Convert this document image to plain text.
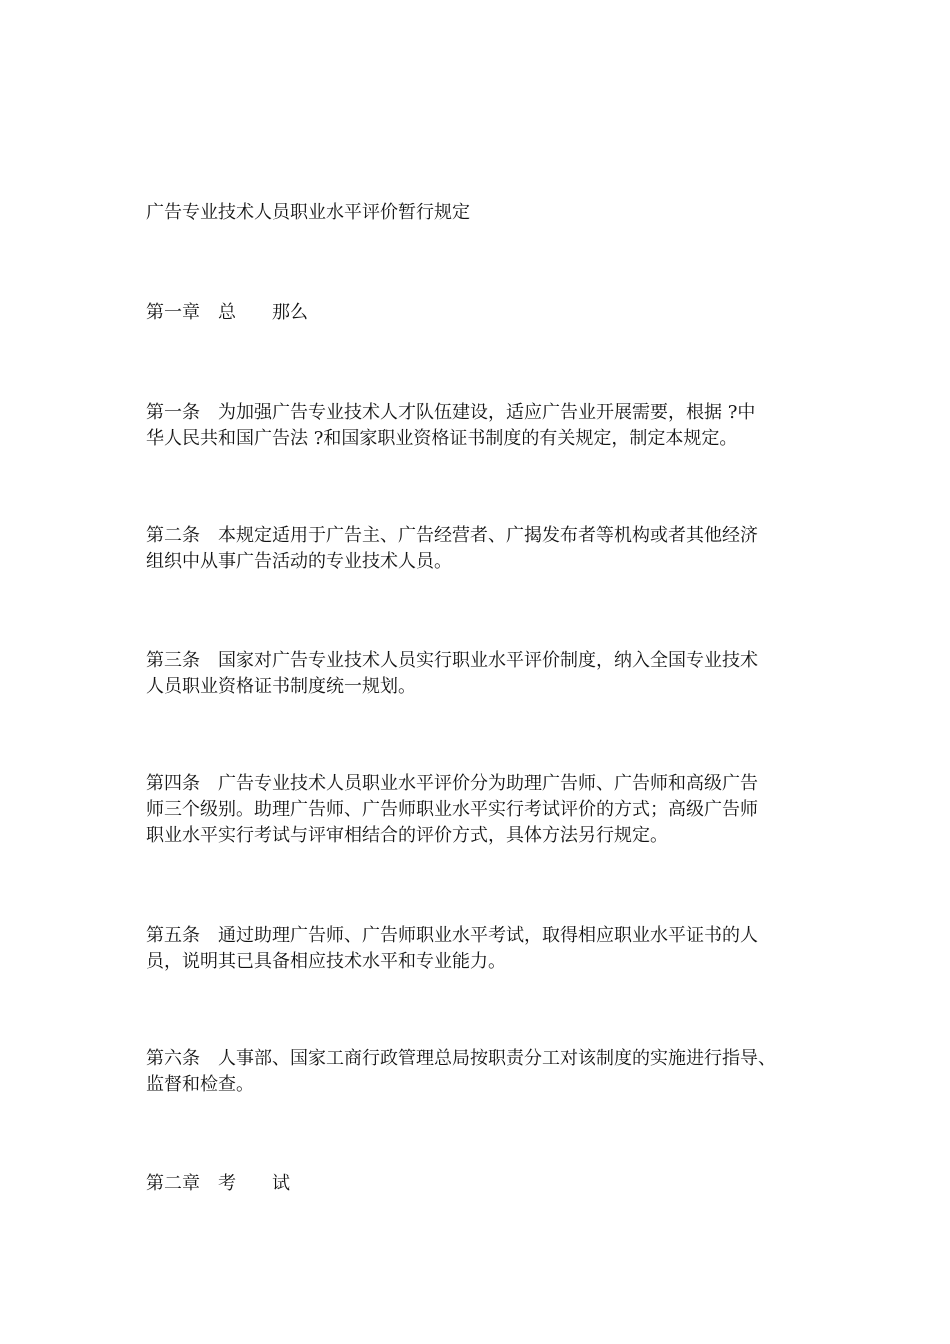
广告专业技术人员职业水平评价暂行规定
第一章　总　　那么
第一条　为加强广告专业技术人才队伍建设，适应广告业开展需要，根据 ?中
华人民共和国广告法 ?和国家职业资格证书制度的有关规定，制定本规定。
第二条　本规定适用于广告主、广告经营者、广揭发布者等机构或者其他经济
组织中从事广告活动的专业技术人员。
第三条　国家对广告专业技术人员实行职业水平评价制度，纳入全国专业技术
人员职业资格证书制度统一规划。
第四条　广告专业技术人员职业水平评价分为助理广告师、广告师和高级广告
师三个级别。助理广告师、广告师职业水平实行考试评价的方式；高级广告师
职业水平实行考试与评审相结合的评价方式，具体方法另行规定。
第五条　通过助理广告师、广告师职业水平考试，取得相应职业水平证书的人
员，说明其已具备相应技术水平和专业能力。
第六条　人事部、国家工商行政管理总局按职责分工对该制度的实施进行指导、
监督和检查。
第二章　考　　试
